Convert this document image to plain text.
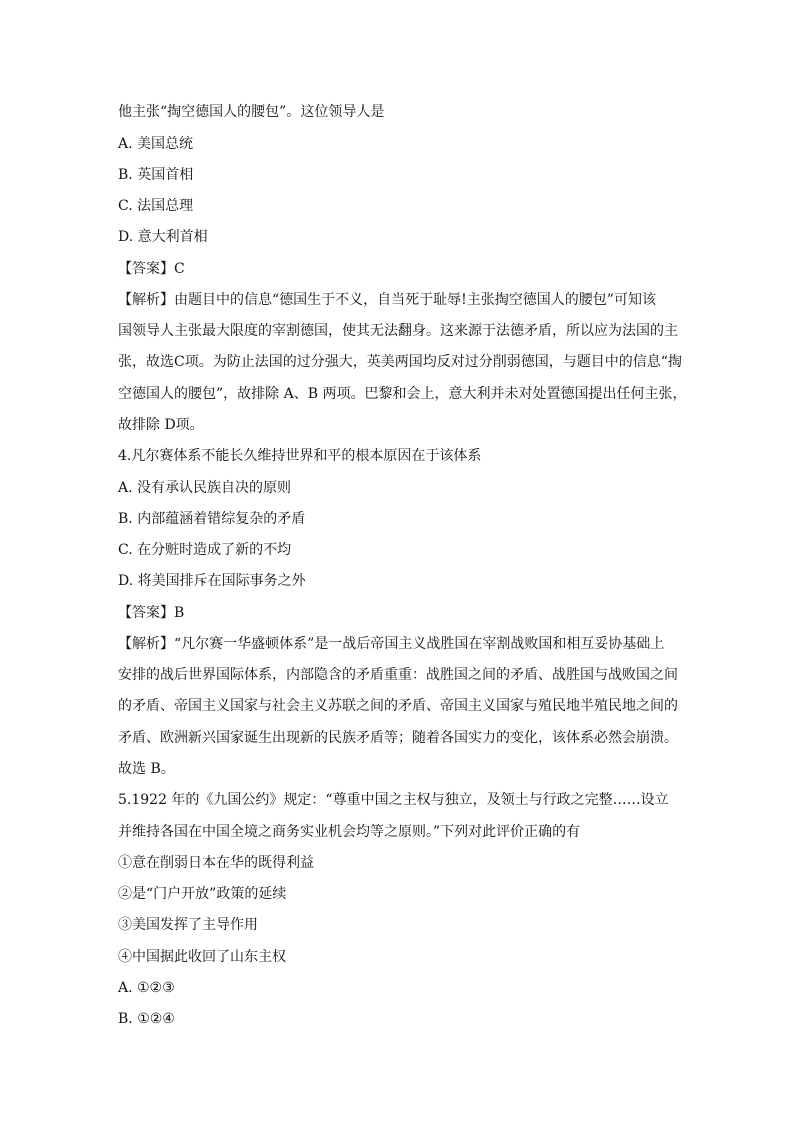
他主张“掏空德国人的腰包”。这位领导人是
A. 美国总统
B. 英国首相
C. 法国总理
D. 意大利首相
【答案】C
【解析】由题目中的信息“德国生于不义，自当死于耻辱!主张掏空德国人的腰包”可知该
国领导人主张最大限度的宰割德国，使其无法翻身。这来源于法德矛盾，所以应为法国的主
张，故选C项。为防止法国的过分强大，英美两国均反对过分削弱德国，与题目中的信息“掏
空德国人的腰包”，故排除 A、B 两项。巴黎和会上，意大利并未对处置德国提出任何主张，
故排除 D项。
4.凡尔赛体系不能长久维持世界和平的根本原因在于该体系
A. 没有承认民族自决的原则
B. 内部蕴涵着错综复杂的矛盾
C. 在分赃时造成了新的不均
D. 将美国排斥在国际事务之外
【答案】B
【解析】“凡尔赛一华盛顿体系”是一战后帝国主义战胜国在宰割战败国和相互妥协基础上
安排的战后世界国际体系，内部隐含的矛盾重重：战胜国之间的矛盾、战胜国与战败国之间
的矛盾、帝国主义国家与社会主义苏联之间的矛盾、帝国主义国家与殖民地半殖民地之间的
矛盾、欧洲新兴国家诞生出现新的民族矛盾等；随着各国实力的变化，该体系必然会崩溃。
故选 B。
5.1922 年的《九国公约》规定：“尊重中国之主权与独立，及领土与行政之完整……设立
并维持各国在中国全境之商务实业机会均等之原则。”下列对此评价正确的有
①意在削弱日本在华的既得利益
②是“门户开放”政策的延续
③美国发挥了主导作用
④中国据此收回了山东主权
A. ①②③
B. ①②④
